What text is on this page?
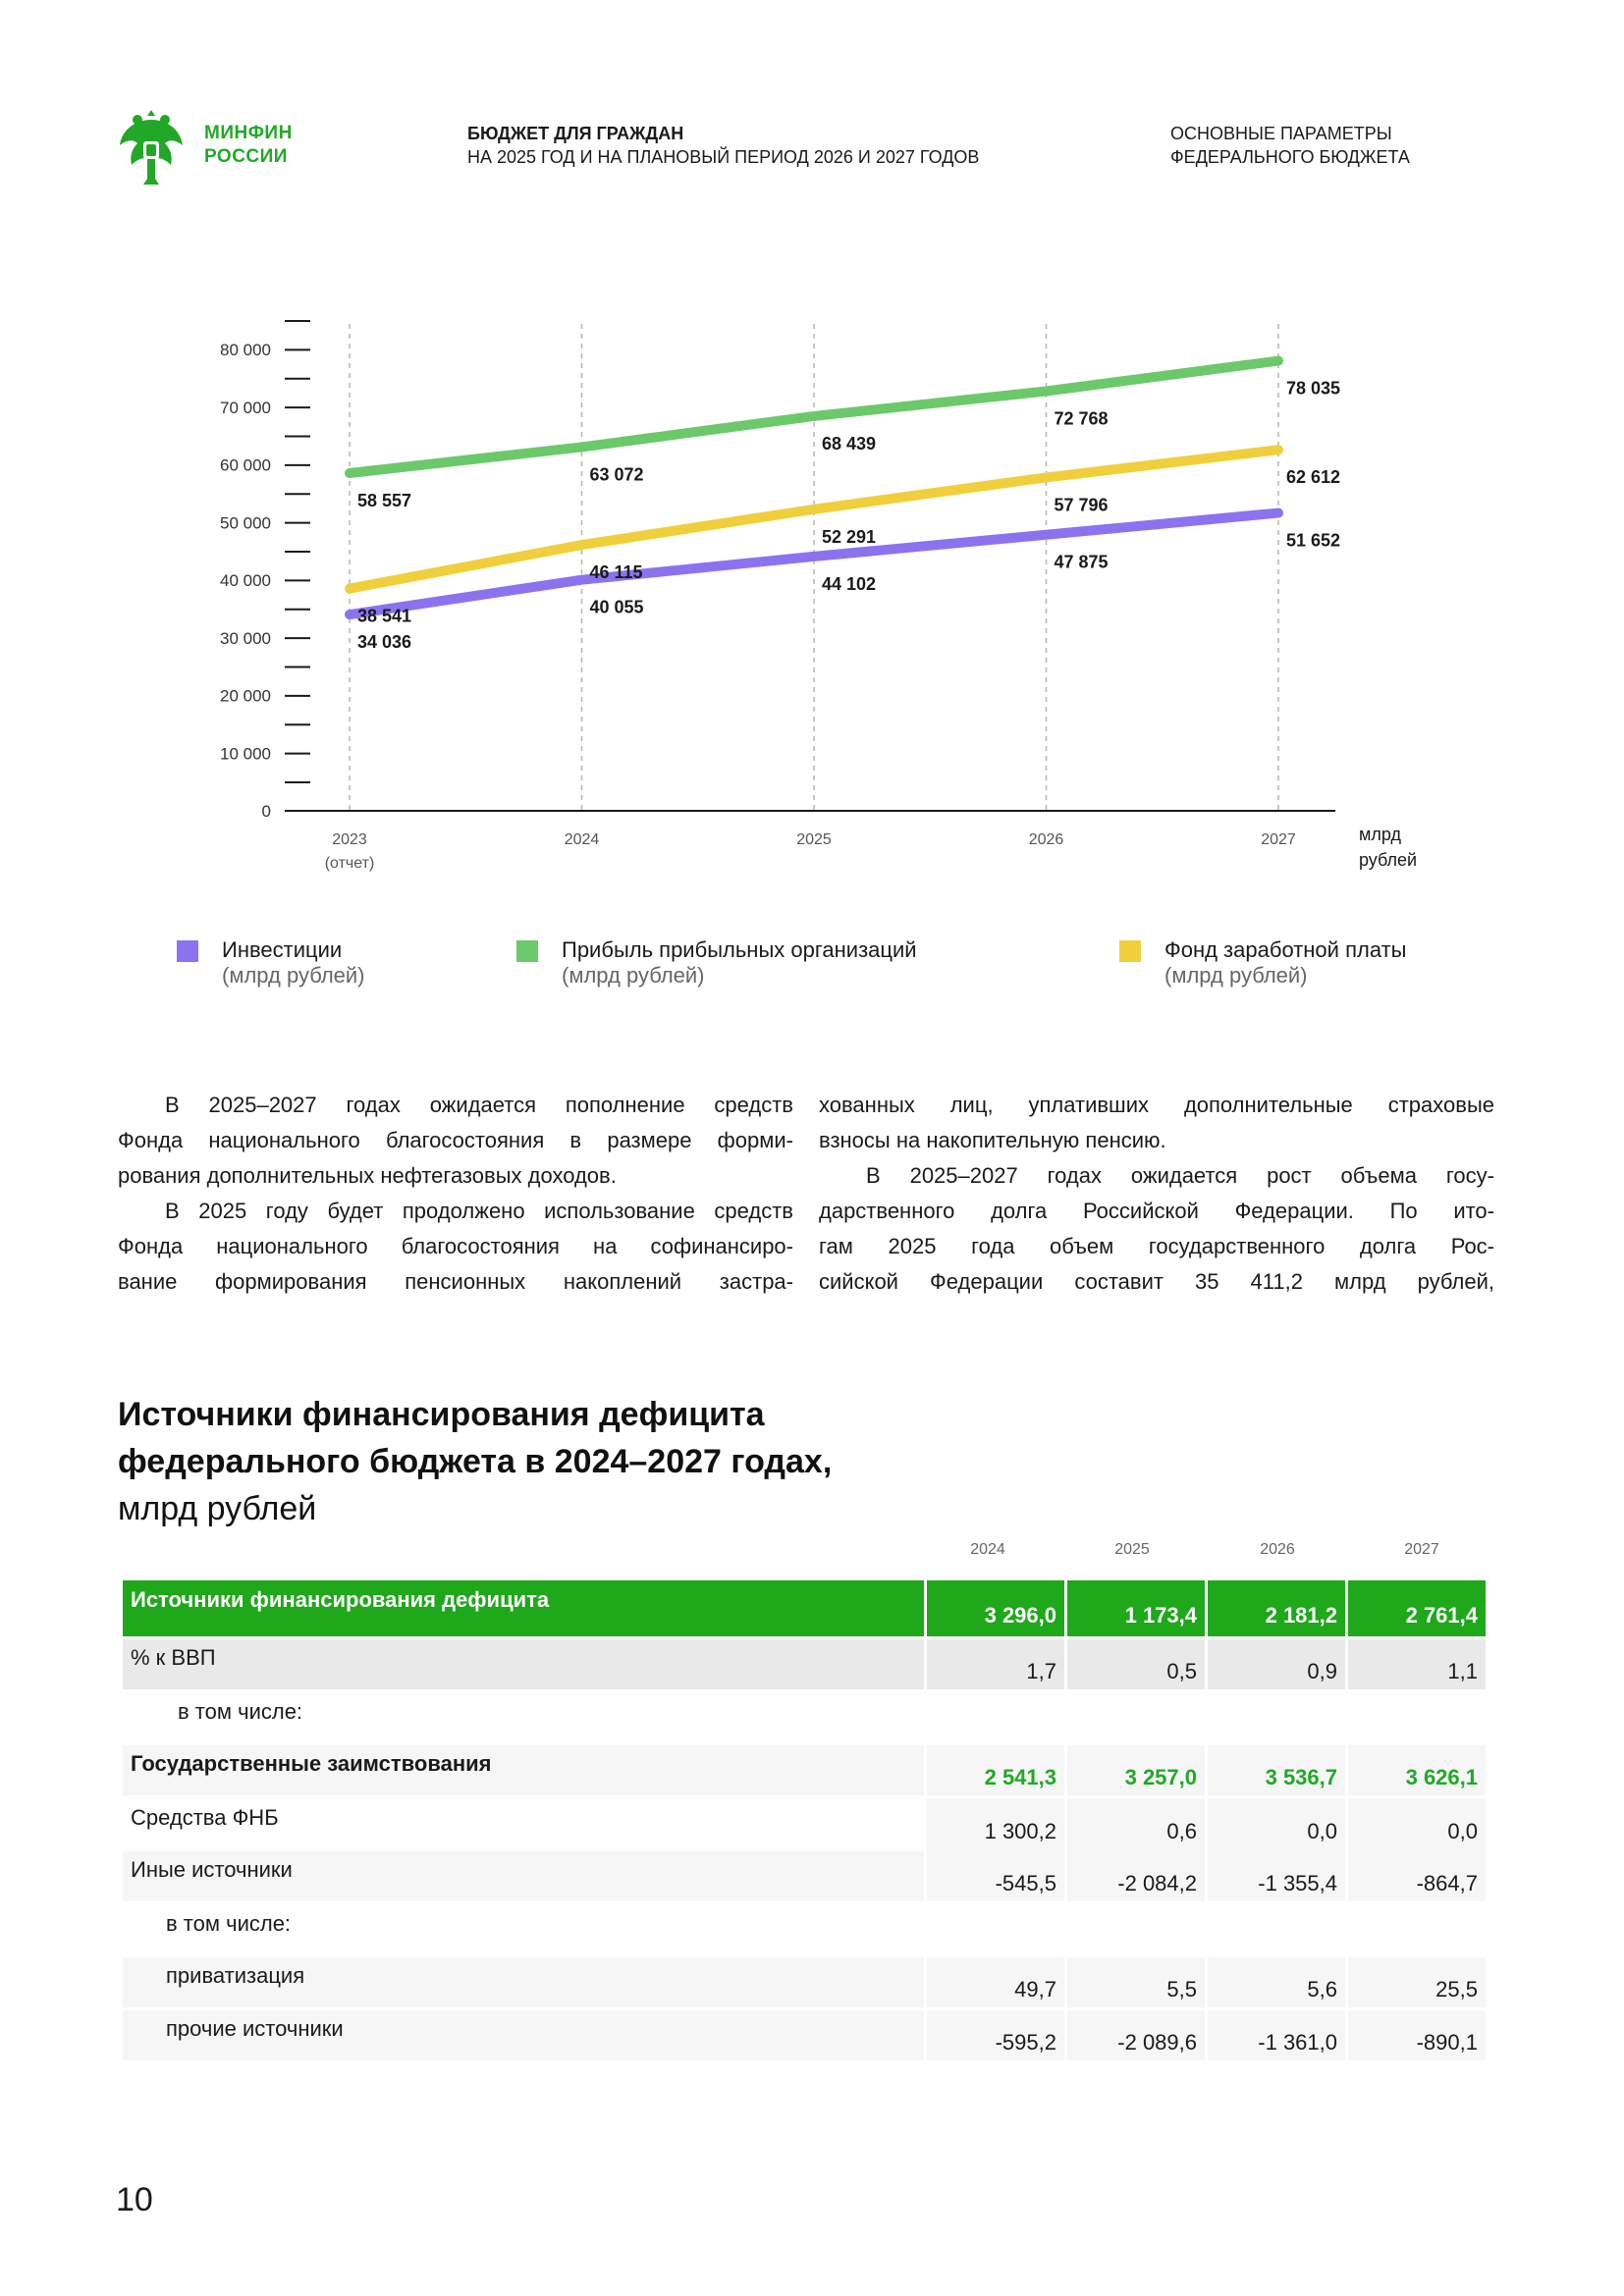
МИНФИН
РОССИИ
БЮДЖЕТ ДЛЯ ГРАЖДАН
НА 2025 ГОД И НА ПЛАНОВЫЙ ПЕРИОД 2026 И 2027 ГОДОВ
ОСНОВНЫЕ ПАРАМЕТРЫ
ФЕДЕРАЛЬНОГО БЮДЖЕТА
0
10 000
20 000
30 000
40 000
50 000
60 000
70 000
80 000
2023	2024	2025	2026	2027
(отчет)
млрд
рублей
34 036
40 055
44 102
47 875
51 652
58 557
63 072
68 439
72 768
78 035
38 541
46 115
52 291
57 796
62 612
Инвестиции
(млрд рублей)
Прибыль прибыльных организаций
(млрд рублей)
Фонд заработной платы
(млрд рублей)

В 2025–2027 годах ожидается пополнение средств

Фонда национального благосостояния в размере форми-

рования дополнительных нефтегазовых доходов.

В 2025 году будет продолжено использование средств

Фонда национального благосостояния на софинансиро-

вание формирования пенсионных накоплений застра-

хованных лиц, уплативших дополнительные страховые

взносы на накопительную пенсию.

В 2025–2027 годах ожидается рост объема госу-

дарственного долга Российской Федерации. По ито-

гам 2025 года объем государственного долга Рос-

сийской Федерации составит 35 411,2 млрд рублей,

Источники финансирования дефицита
федерального бюджета в 2024–2027 годах,
млрд рублей
2024	2025	2026	2027
Источники финансирования дефицита	3 296,0	1 173,4	2 181,2	2 761,4
% к ВВП	1,7	0,5	0,9	1,1
в том числе:				
Государственные заимствования	2 541,3	3 257,0	3 536,7	3 626,1
Средства ФНБ	1 300,2	0,6	0,0	0,0
Иные источники	-545,5	-2 084,2	-1 355,4	-864,7
в том числе:				
приватизация	49,7	5,5	5,6	25,5
прочие источники	-595,2	-2 089,6	-1 361,0	-890,1
10
